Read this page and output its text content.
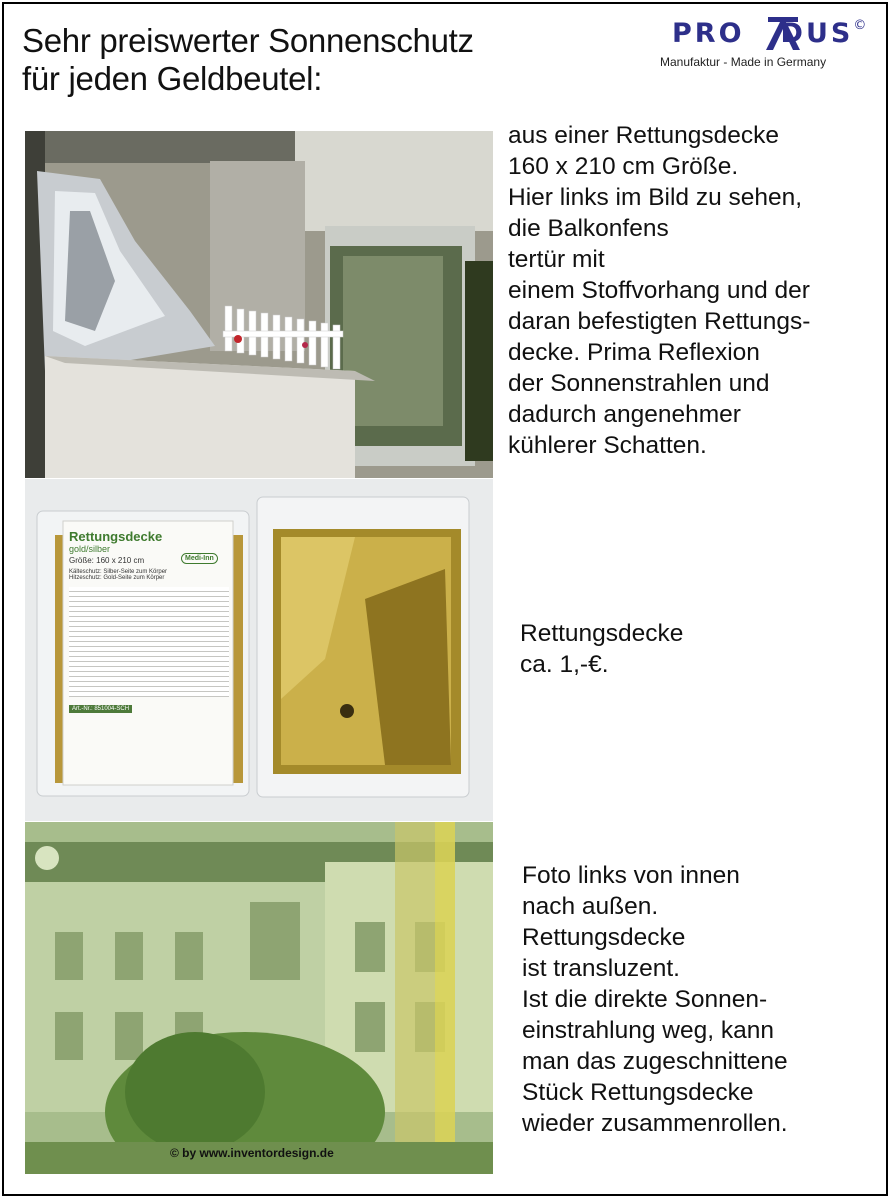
Sehr preiswerter Sonnenschutz
für jeden Geldbeutel:
PRO DUS©
Manufaktur - Made in Germany
aus einer Rettungsdecke
160 x 210 cm Größe.
Hier links im Bild zu sehen,
die Balkonfens
tertür mit
einem Stoffvorhang und der
daran befestigten Rettungs-
decke. Prima Reflexion
der Sonnenstrahlen und
dadurch angenehmer
kühlerer Schatten.
Rettungsdecke
gold/silber
Größe: 160 x 210 cm
Kälteschutz: Silber-Seite zum Körper
Hitzeschutz: Gold-Seite zum Körper
Medi-Inn
Art.-Nr.: 851004-SCH
Rettungsdecke
ca. 1,-€.
© by www.inventordesign.de
Foto links von innen
nach außen.
Rettungsdecke
ist transluzent.
Ist die direkte Sonnen-
einstrahlung weg, kann
man das zugeschnittene
Stück Rettungsdecke
wieder zusammenrollen.
